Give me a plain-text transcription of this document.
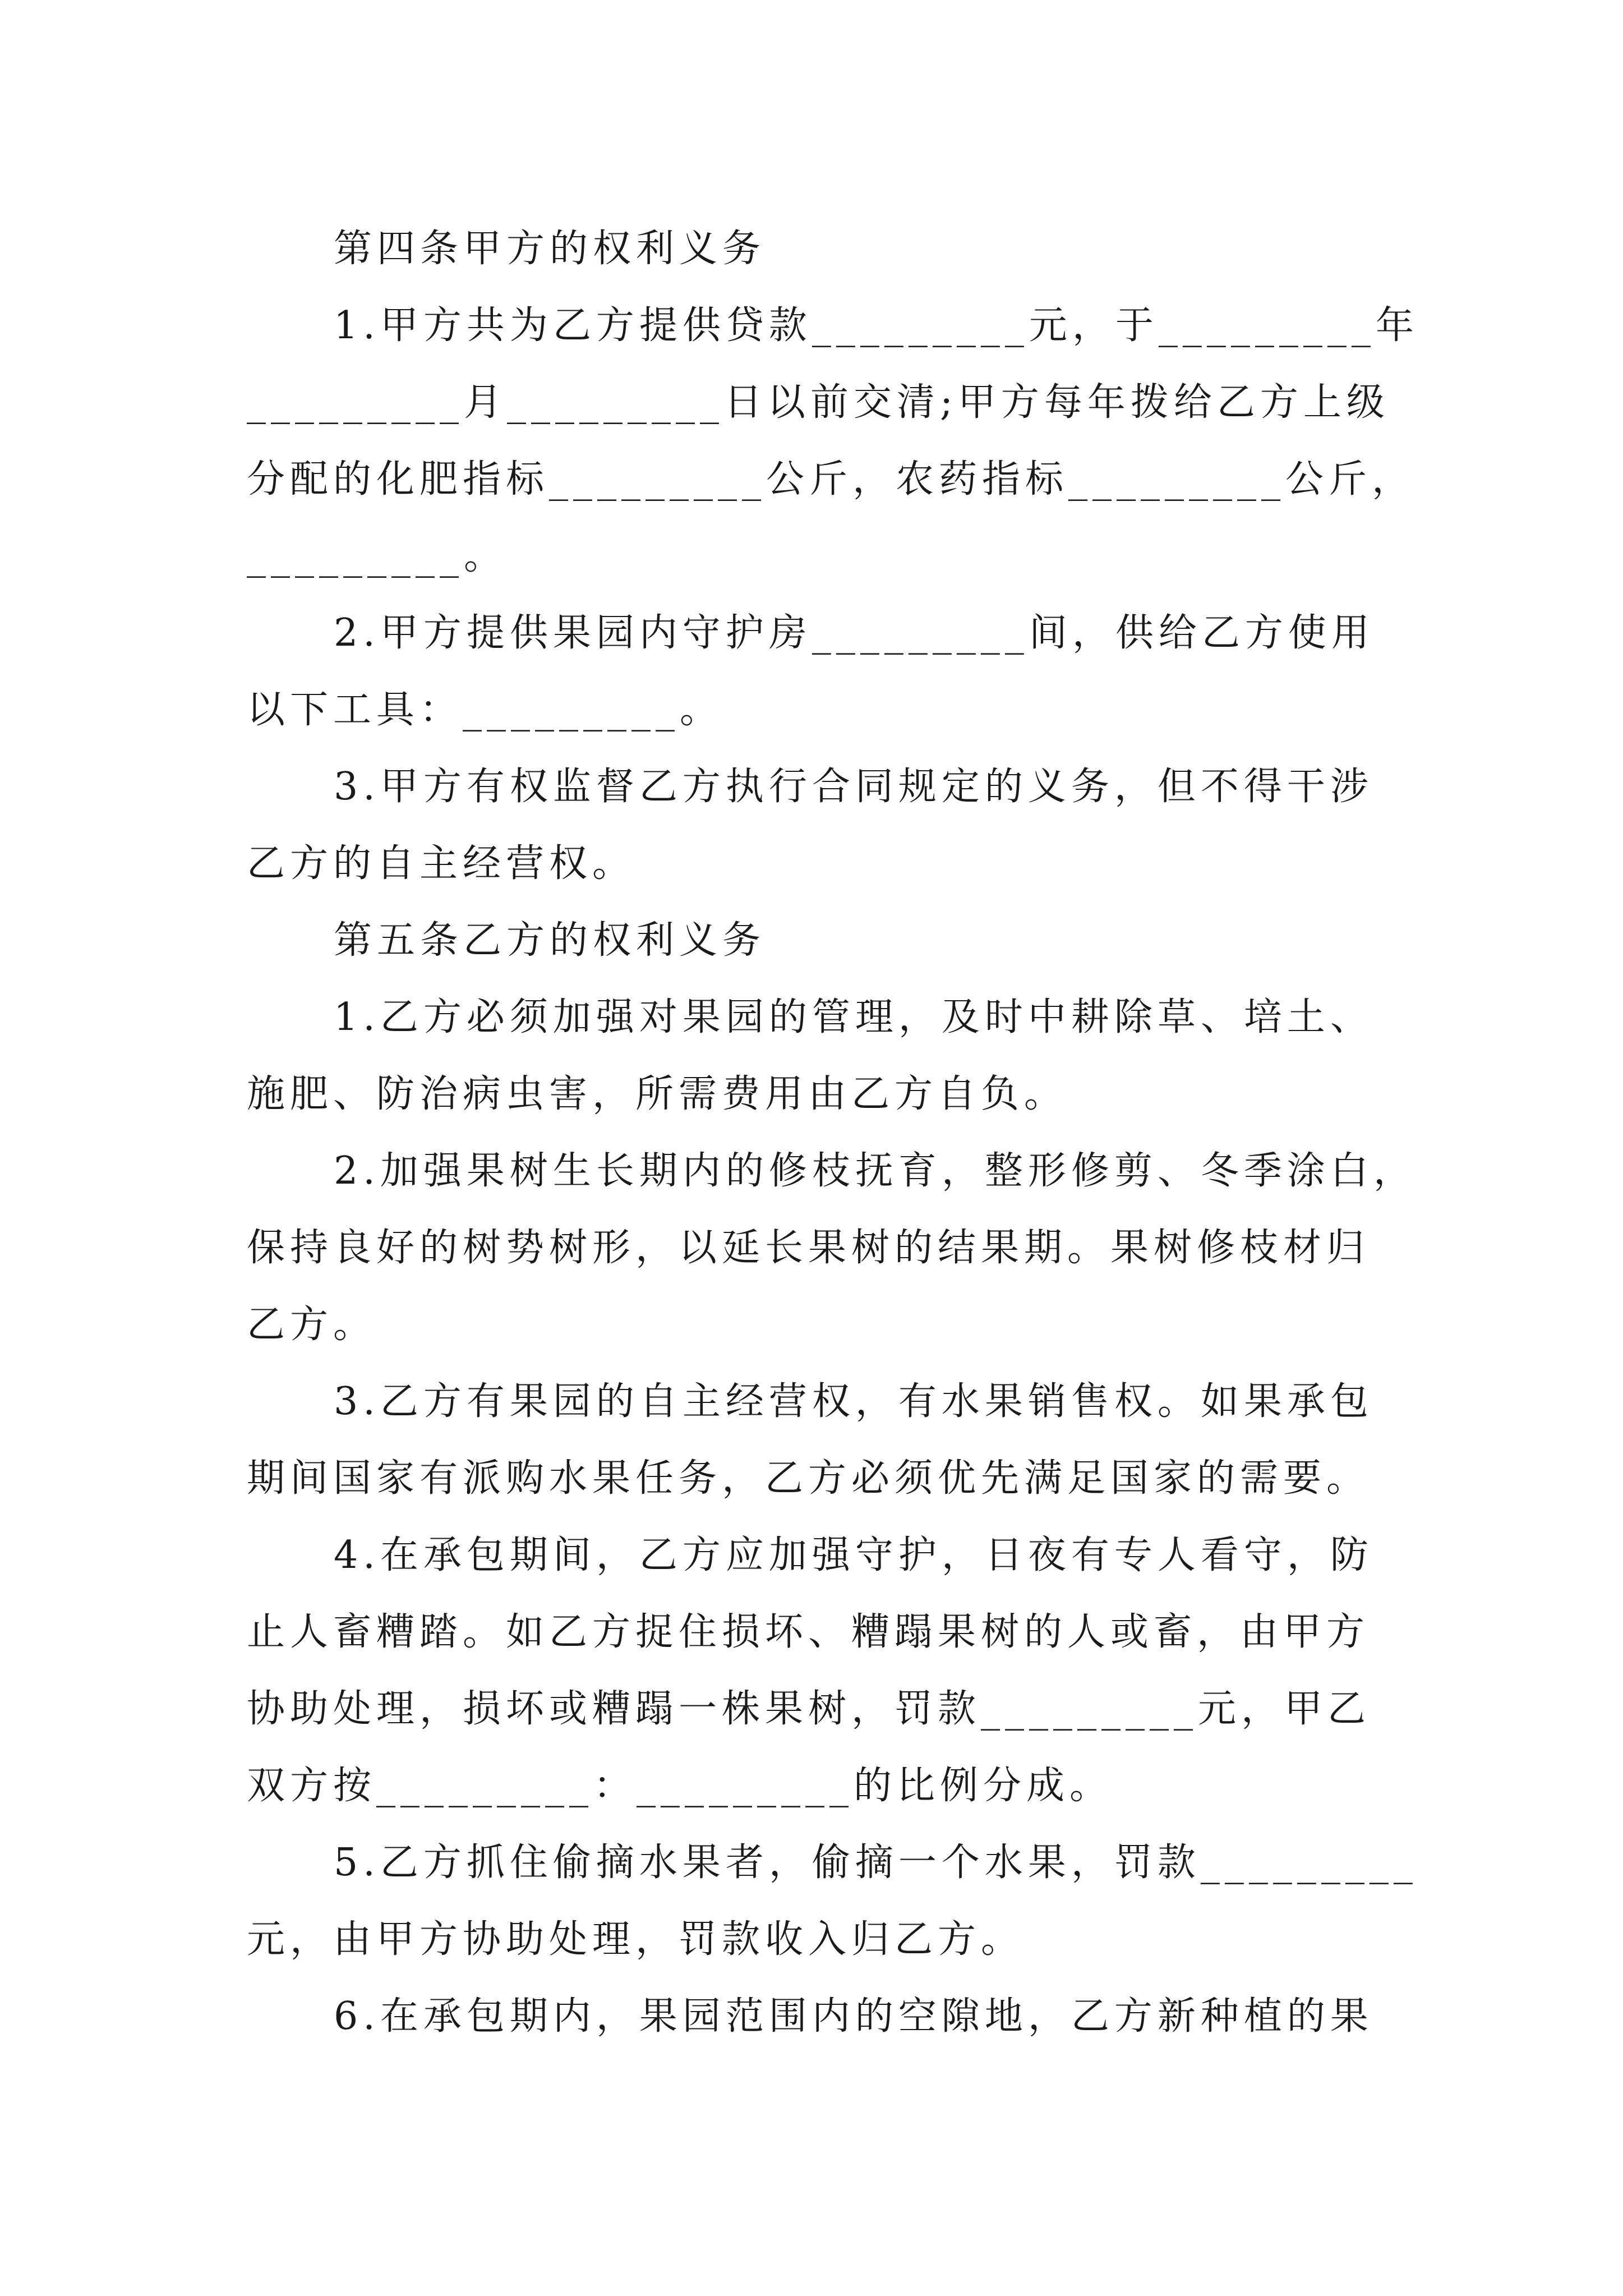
第四条甲方的权利义务
1.甲方共为乙方提供贷款_________元，于_________年
_________月_________日以前交清;甲方每年拨给乙方上级
分配的化肥指标_________公斤，农药指标_________公斤，
_________。
2.甲方提供果园内守护房_________间，供给乙方使用
以下工具：_________。
3.甲方有权监督乙方执行合同规定的义务，但不得干涉
乙方的自主经营权。
第五条乙方的权利义务
1.乙方必须加强对果园的管理，及时中耕除草、培土、
施肥、防治病虫害，所需费用由乙方自负。
2.加强果树生长期内的修枝抚育，整形修剪、冬季涂白，
保持良好的树势树形，以延长果树的结果期。果树修枝材归
乙方。
3.乙方有果园的自主经营权，有水果销售权。如果承包
期间国家有派购水果任务，乙方必须优先满足国家的需要。
4.在承包期间，乙方应加强守护，日夜有专人看守，防
止人畜糟踏。如乙方捉住损坏、糟蹋果树的人或畜，由甲方
协助处理，损坏或糟蹋一株果树，罚款_________元，甲乙
双方按_________：_________的比例分成。
5.乙方抓住偷摘水果者，偷摘一个水果，罚款_________
元，由甲方协助处理，罚款收入归乙方。
6.在承包期内，果园范围内的空隙地，乙方新种植的果
